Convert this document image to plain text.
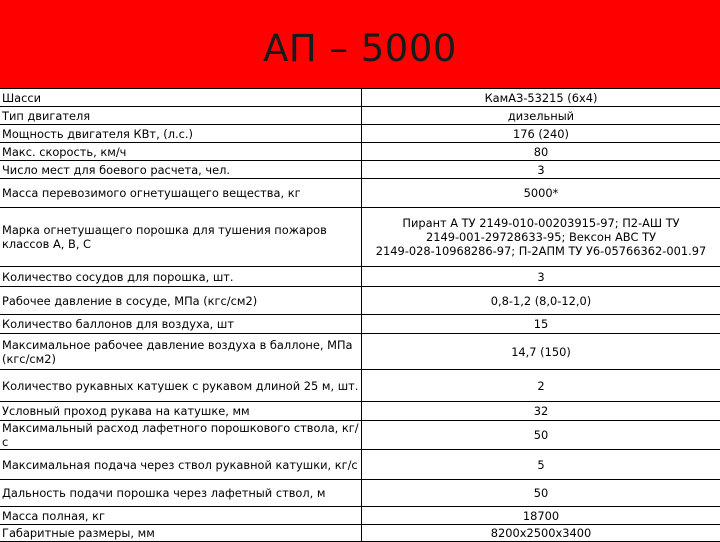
АП – 5000
Шасси	КамАЗ-53215 (6х4)
Тип двигателя	дизельный
Мощность двигателя КВт, (л.с.)	176 (240)
Макс. скорость, км/ч	80
Число мест для боевого расчета, чел.	3
Масса перевозимого огнетушащего вещества, кг	5000*
Марка огнетушащего порошка для тушения пожаров классов А, В, С	Пирант А ТУ 2149-010-00203915-97; П2-АШ ТУ
2149-001-29728633-95; Вексон АВС ТУ
2149-028-10968286-97; П-2АПМ ТУ У6-05766362-001.97

Количество сосудов для порошка, шт.	3
Рабочее давление в сосуде, МПа (кгс/см2)	0,8-1,2 (8,0-12,0)
Количество баллонов для воздуха, шт	15
Максимальное рабочее давление воздуха в баллоне, МПа (кгс/см2)	14,7 (150)
Количество рукавных катушек с рукавом длиной 25 м, шт.	2
Условный проход рукава на катушке, мм	32
Максимальный расход лафетного порошкового ствола, кг/с	50
Максимальная подача через ствол рукавной катушки, кг/с	5
Дальность подачи порошка через лафетный ствол, м	50
Масса полная, кг	18700
Габаритные размеры, мм	8200х2500х3400
